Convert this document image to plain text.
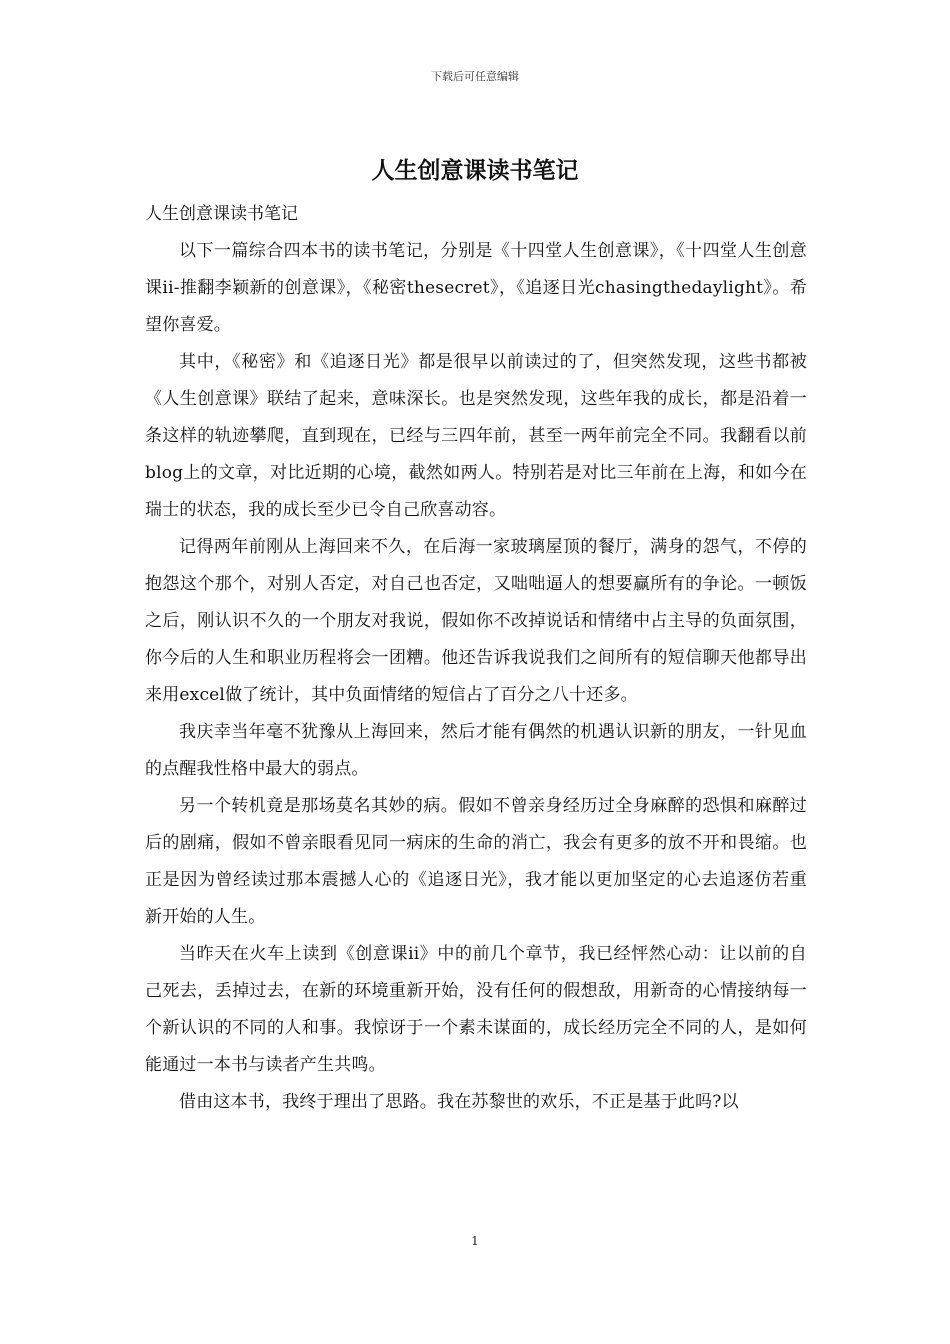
下载后可任意编辑
人生创意课读书笔记

人生创意课读书笔记

以下一篇综合四本书的读书笔记，分别是《十四堂人生创意课》，《十四堂人生创意课ii-推翻李颖新的创意课》，《秘密thesecret》，《追逐日光chasingthedaylight》。希望你喜爱。

其中，《秘密》和《追逐日光》都是很早以前读过的了，但突然发现，这些书都被《人生创意课》联结了起来，意味深长。也是突然发现，这些年我的成长，都是沿着一条这样的轨迹攀爬，直到现在，已经与三四年前，甚至一两年前完全不同。我翻看以前blog上的文章，对比近期的心境，截然如两人。特别若是对比三年前在上海，和如今在瑞士的状态，我的成长至少已令自己欣喜动容。

记得两年前刚从上海回来不久，在后海一家玻璃屋顶的餐厅，满身的怨气，不停的抱怨这个那个，对别人否定，对自己也否定，又咄咄逼人的想要赢所有的争论。一顿饭之后，刚认识不久的一个朋友对我说，假如你不改掉说话和情绪中占主导的负面氛围，你今后的人生和职业历程将会一团糟。他还告诉我说我们之间所有的短信聊天他都导出来用excel做了统计，其中负面情绪的短信占了百分之八十还多。

我庆幸当年毫不犹豫从上海回来，然后才能有偶然的机遇认识新的朋友，一针见血的点醒我性格中最大的弱点。

另一个转机竟是那场莫名其妙的病。假如不曾亲身经历过全身麻醉的恐惧和麻醉过后的剧痛，假如不曾亲眼看见同一病床的生命的消亡，我会有更多的放不开和畏缩。也正是因为曾经读过那本震撼人心的《追逐日光》，我才能以更加坚定的心去追逐仿若重新开始的人生。

当昨天在火车上读到《创意课ii》中的前几个章节，我已经怦然心动：让以前的自己死去，丢掉过去，在新的环境重新开始，没有任何的假想敌，用新奇的心情接纳每一个新认识的不同的人和事。我惊讶于一个素未谋面的，成长经历完全不同的人，是如何能通过一本书与读者产生共鸣。

借由这本书，我终于理出了思路。我在苏黎世的欢乐，不正是基于此吗?以

1
